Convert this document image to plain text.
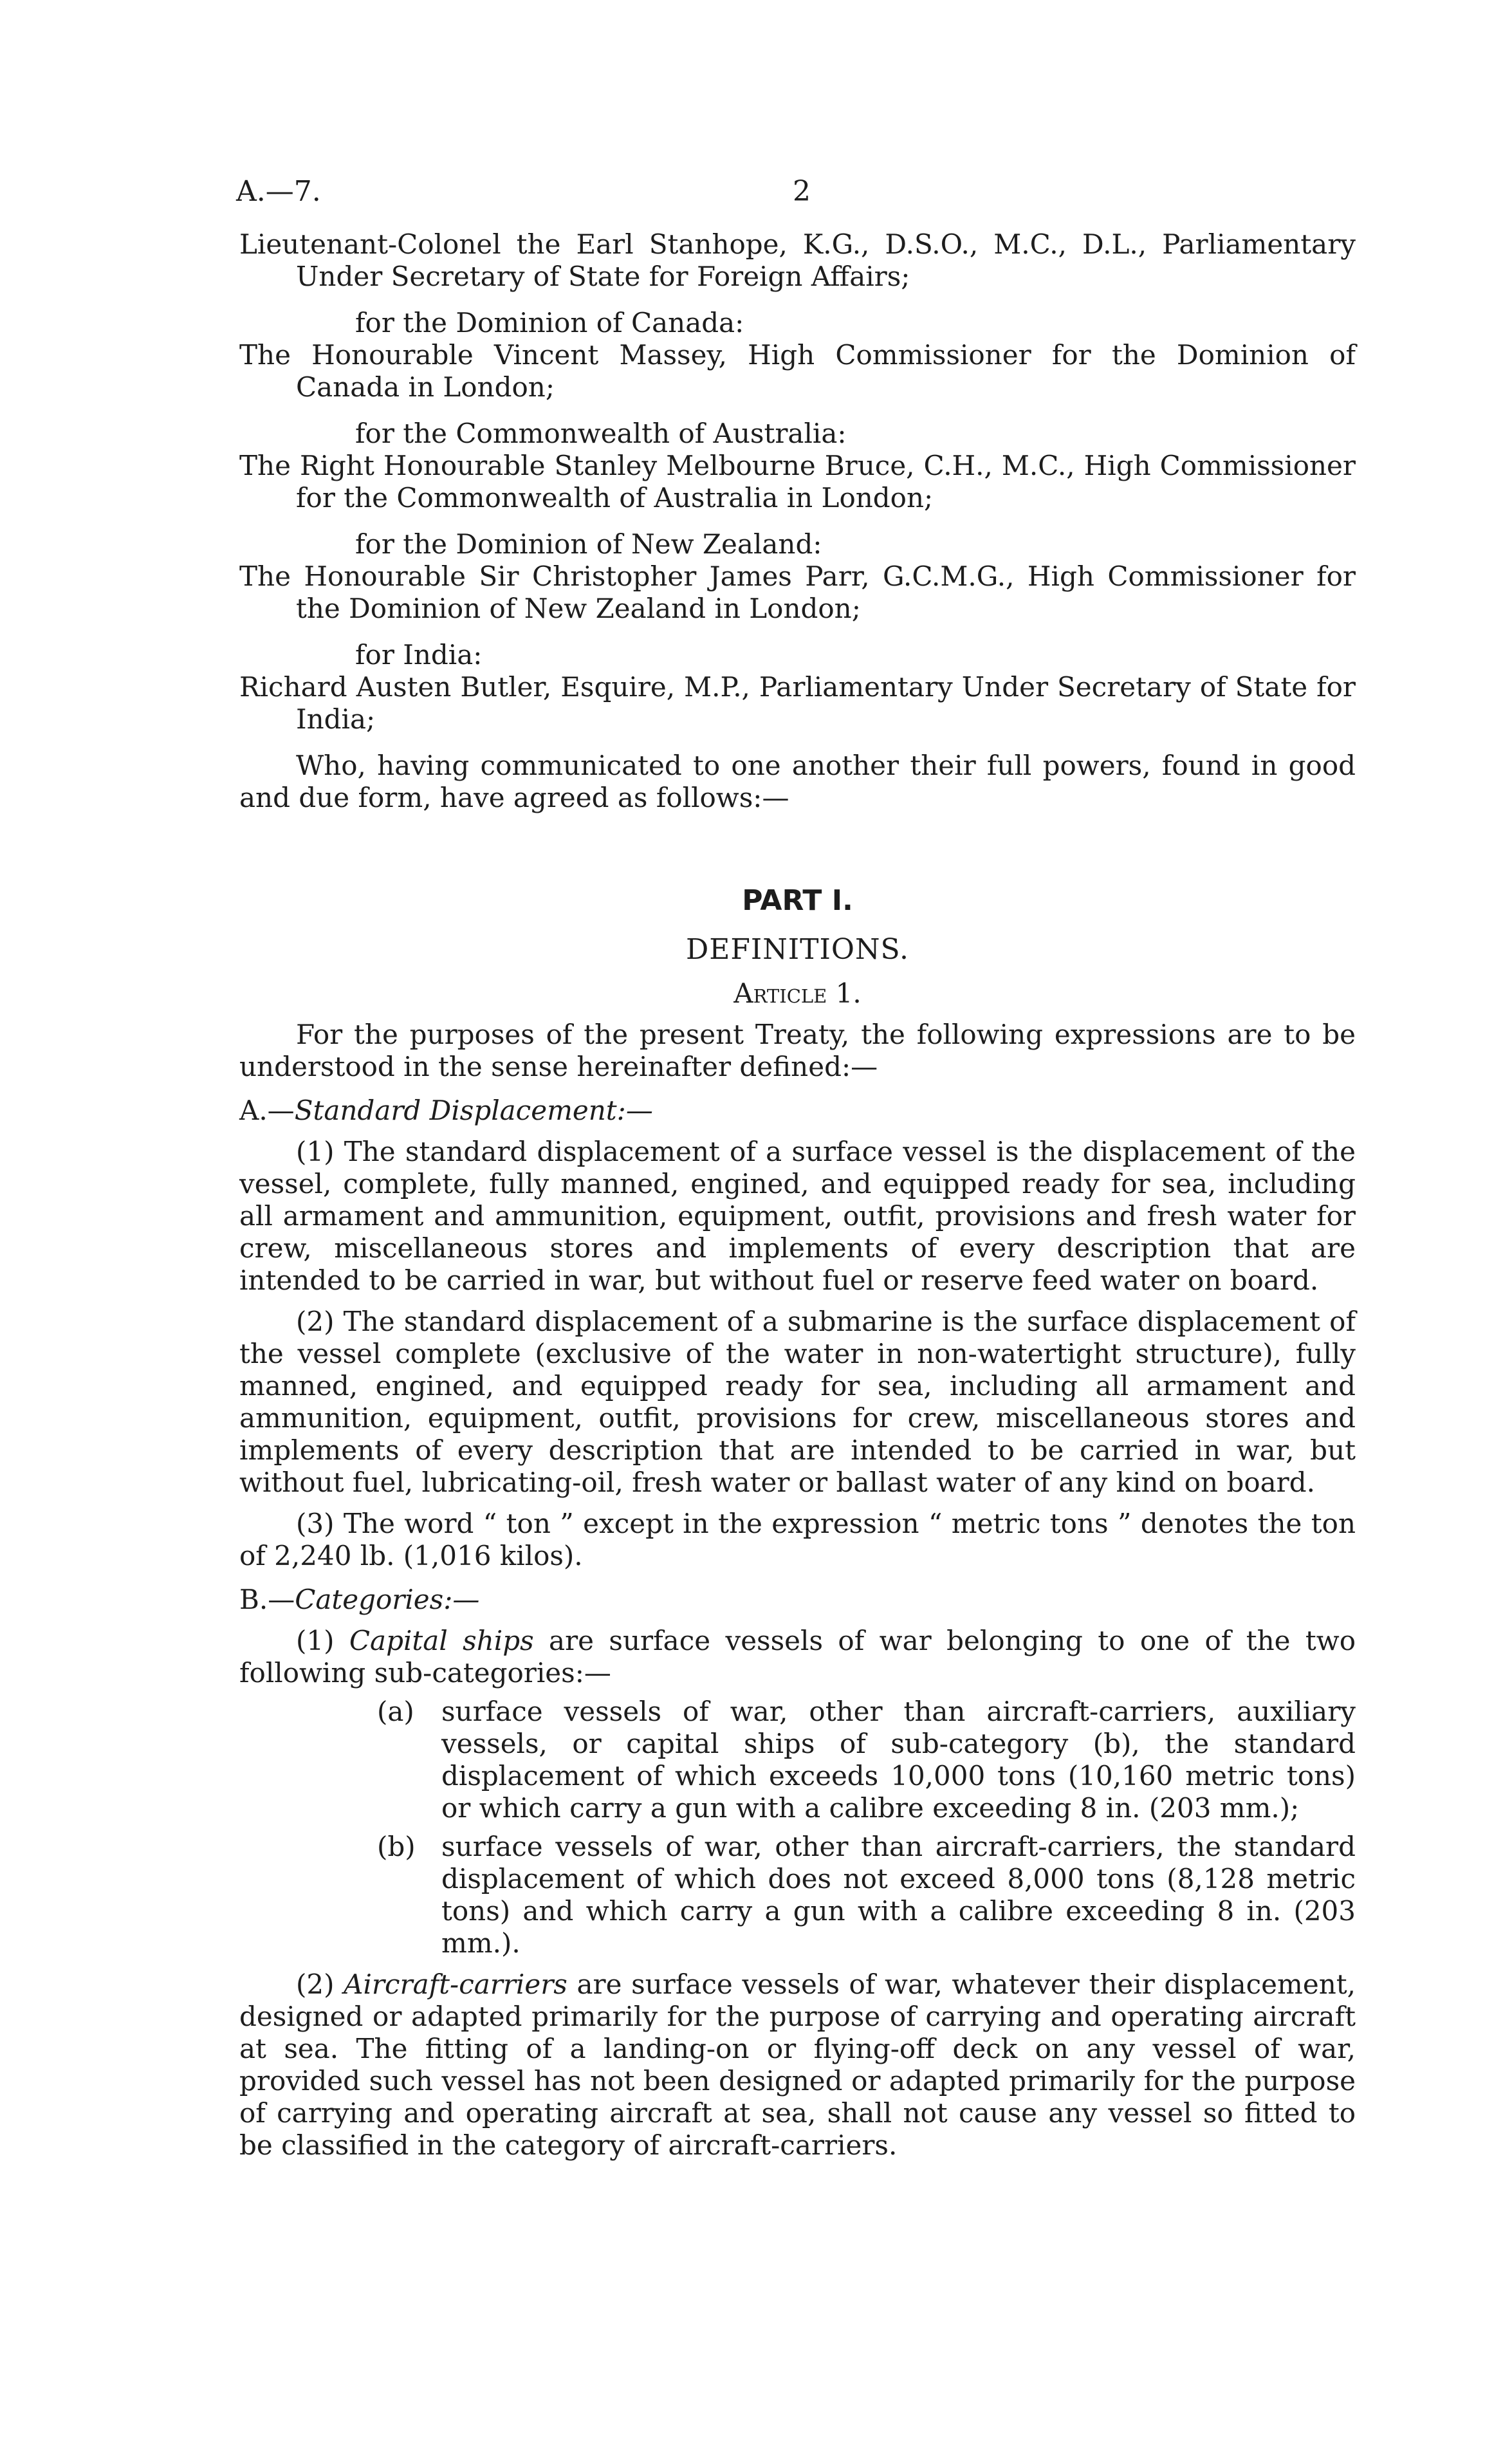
A.—7.	2

Lieutenant-Colonel the Earl Stanhope, K.G., D.S.O., M.C., D.L., Parliamentary Under Secretary of State for Foreign Affairs;

for the Dominion of Canada:

The Honourable Vincent Massey, High Commissioner for the Dominion of Canada in London;

for the Commonwealth of Australia:

The Right Honourable Stanley Melbourne Bruce, C.H., M.C., High Commissioner for the Commonwealth of Australia in London;

for the Dominion of New Zealand:

The Honourable Sir Christopher James Parr, G.C.M.G., High Commissioner for the Dominion of New Zealand in London;

for India:

Richard Austen Butler, Esquire, M.P., Parliamentary Under Secretary of State for India;

Who, having communicated to one another their full powers, found in good and due form, have agreed as follows:—

PART I.

DEFINITIONS.

Article 1.

For the purposes of the present Treaty, the following expressions are to be understood in the sense hereinafter defined:—

A.—Standard Displacement:—

(1) The standard displacement of a surface vessel is the displacement of the vessel, complete, fully manned, engined, and equipped ready for sea, including all armament and ammunition, equipment, outfit, provisions and fresh water for crew, miscellaneous stores and implements of every description that are intended to be carried in war, but without fuel or reserve feed water on board.

(2) The standard displacement of a submarine is the surface displacement of the vessel complete (exclusive of the water in non-watertight structure), fully manned, engined, and equipped ready for sea, including all armament and ammunition, equipment, outfit, provisions for crew, miscellaneous stores and implements of every description that are intended to be carried in war, but without fuel, lubricating-oil, fresh water or ballast water of any kind on board.

(3) The word “ ton ” except in the expression “ metric tons ” denotes the ton of 2,240 lb. (1,016 kilos).

B.—Categories:—

(1) Capital ships are surface vessels of war belonging to one of the two following sub-categories:—

(a) surface vessels of war, other than aircraft-carriers, auxiliary vessels, or capital ships of sub-category (b), the standard displacement of which exceeds 10,000 tons (10,160 metric tons) or which carry a gun with a calibre exceeding 8 in. (203 mm.);

(b) surface vessels of war, other than aircraft-carriers, the standard displacement of which does not exceed 8,000 tons (8,128 metric tons) and which carry a gun with a calibre exceeding 8 in. (203 mm.).

(2) Aircraft-carriers are surface vessels of war, whatever their displacement, designed or adapted primarily for the purpose of carrying and operating aircraft at sea. The fitting of a landing-on or flying-off deck on any vessel of war, provided such vessel has not been designed or adapted primarily for the purpose of carrying and operating aircraft at sea, shall not cause any vessel so fitted to be classified in the category of aircraft-carriers.
